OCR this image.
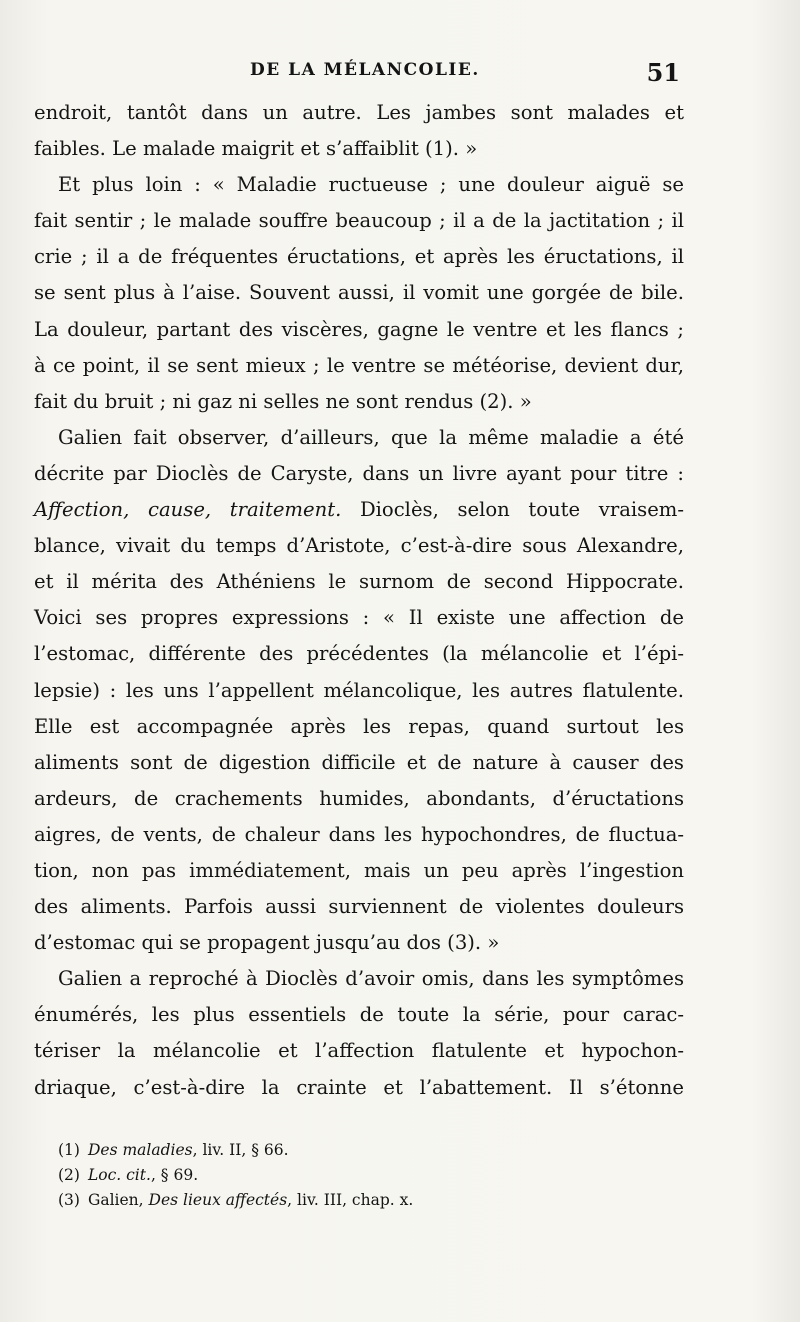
DE LA MÉLANCOLIE.	51
endroit, tantôt dans un autre. Les jambes sont malades et
faibles. Le malade maigrit et s’affaiblit (1). »
Et plus loin : « Maladie ructueuse ; une douleur aiguë se
fait sentir ; le malade souffre beaucoup ; il a de la jactitation ; il
crie ; il a de fréquentes éructations, et après les éructations, il
se sent plus à l’aise. Souvent aussi, il vomit une gorgée de bile.
La douleur, partant des viscères, gagne le ventre et les flancs ;
à ce point, il se sent mieux ; le ventre se météorise, devient dur,
fait du bruit ; ni gaz ni selles ne sont rendus (2). »
Galien fait observer, d’ailleurs, que la même maladie a été
décrite par Dioclès de Caryste, dans un livre ayant pour titre :
Affection, cause, traitement. Dioclès, selon toute vraisem-
blance, vivait du temps d’Aristote, c’est-à-dire sous Alexandre,
et il mérita des Athéniens le surnom de second Hippocrate.
Voici ses propres expressions : « Il existe une affection de
l’estomac, différente des précédentes (la mélancolie et l’épi-
lepsie) : les uns l’appellent mélancolique, les autres flatulente.
Elle est accompagnée après les repas, quand surtout les
aliments sont de digestion difficile et de nature à causer des
ardeurs, de crachements humides, abondants, d’éructations
aigres, de vents, de chaleur dans les hypochondres, de fluctua-
tion, non pas immédiatement, mais un peu après l’ingestion
des aliments. Parfois aussi surviennent de violentes douleurs
d’estomac qui se propagent jusqu’au dos (3). »
Galien a reproché à Dioclès d’avoir omis, dans les symptômes
énumérés, les plus essentiels de toute la série, pour carac-
tériser la mélancolie et l’affection flatulente et hypochon-
driaque, c’est-à-dire la crainte et l’abattement. Il s’étonne
(1) Des maladies, liv. II, § 66.
(2) Loc. cit., § 69.
(3) Galien, Des lieux affectés, liv. III, chap. x.
